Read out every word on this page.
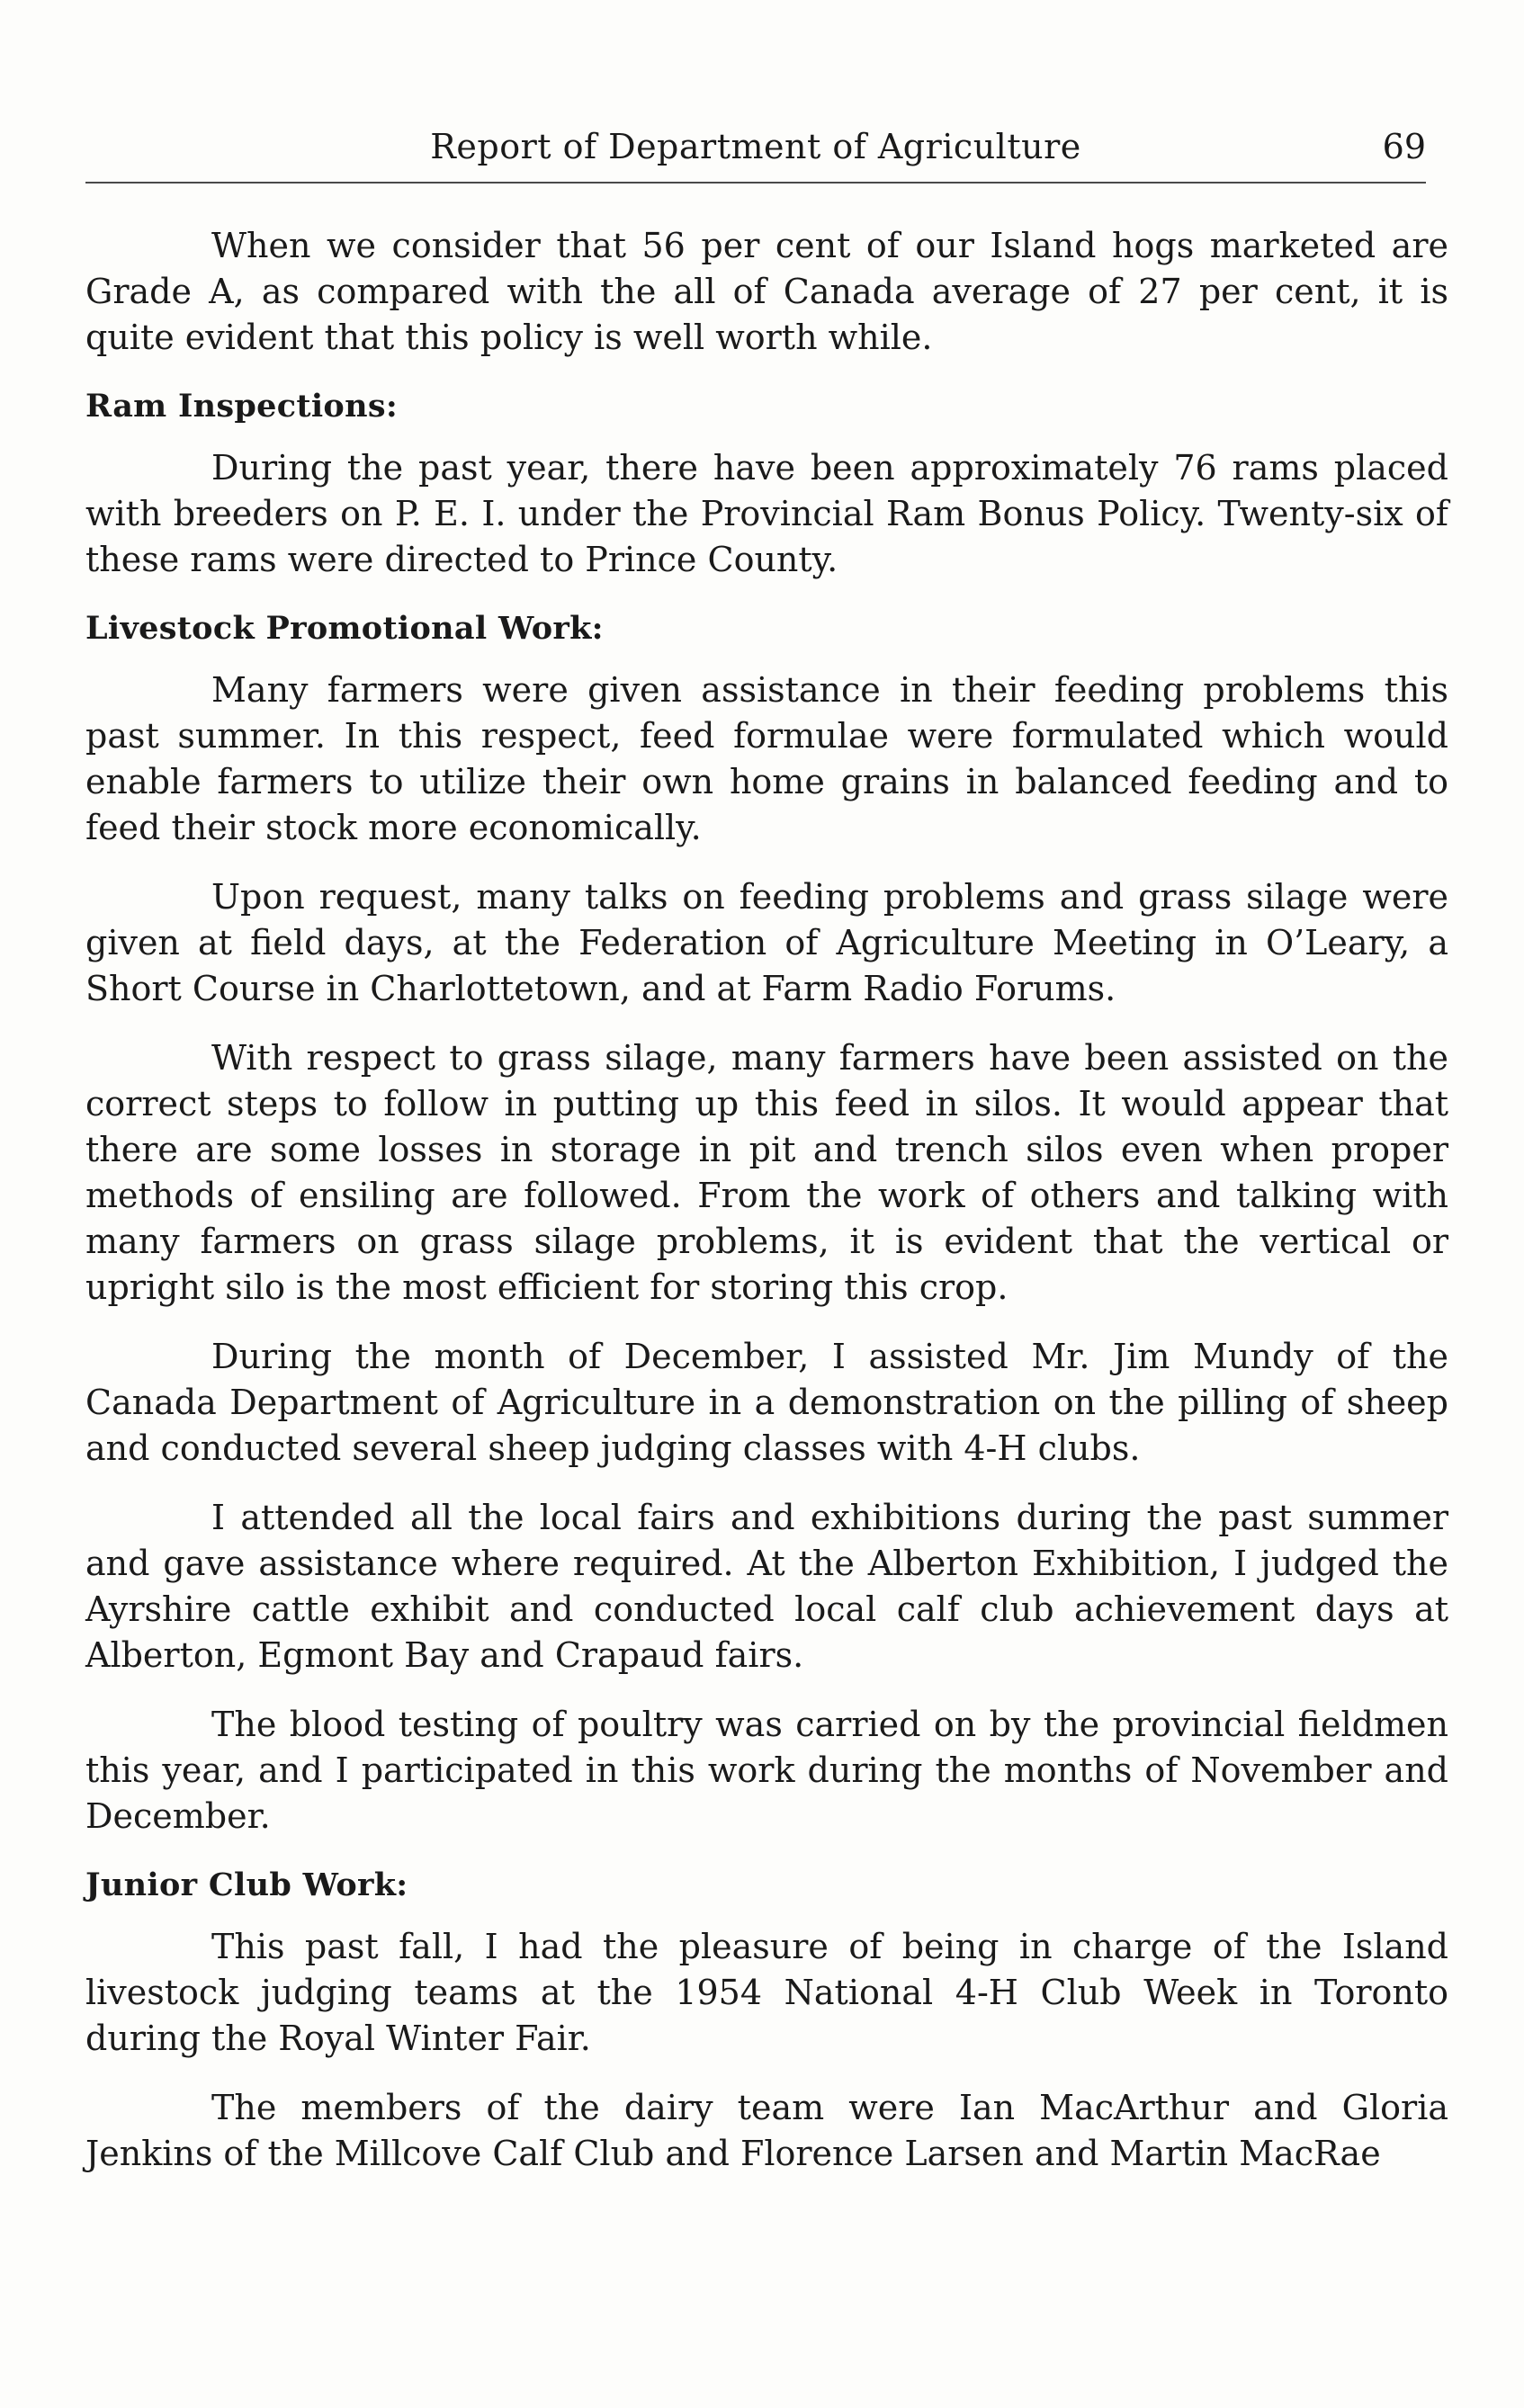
Report of Department of Agriculture	69

When we consider that 56 per cent of our Island hogs marketed are Grade A, as compared with the all of Canada average of 27 per cent, it is quite evident that this policy is well worth while.

Ram Inspections:

During the past year, there have been approximately 76 rams placed with breeders on P. E. I. under the Provincial Ram Bonus Policy. Twenty-six of these rams were directed to Prince County.

Livestock Promotional Work:

Many farmers were given assistance in their feeding problems this past summer. In this respect, feed formulae were formulated which would enable farmers to utilize their own home grains in balanced feeding and to feed their stock more economically.

Upon request, many talks on feeding problems and grass silage were given at field days, at the Federation of Agriculture Meeting in O’Leary, a Short Course in Charlottetown, and at Farm Radio Forums.

With respect to grass silage, many farmers have been assisted on the correct steps to follow in putting up this feed in silos. It would appear that there are some losses in storage in pit and trench silos even when proper methods of ensiling are followed. From the work of others and talking with many farmers on grass silage problems, it is evident that the vertical or upright silo is the most efficient for storing this crop.

During the month of December, I assisted Mr. Jim Mundy of the Canada Department of Agriculture in a demonstration on the pilling of sheep and conducted several sheep judging classes with 4-H clubs.

I attended all the local fairs and exhibitions during the past summer and gave assistance where required. At the Alberton Exhibition, I judged the Ayrshire cattle exhibit and conducted local calf club achievement days at Alberton, Egmont Bay and Crapaud fairs.

The blood testing of poultry was carried on by the provincial fieldmen this year, and I participated in this work during the months of November and December.

Junior Club Work:

This past fall, I had the pleasure of being in charge of the Island livestock judging teams at the 1954 National 4-H Club Week in Toronto during the Royal Winter Fair.

The members of the dairy team were Ian MacArthur and Gloria Jenkins of the Millcove Calf Club and Florence Larsen and Martin MacRae
